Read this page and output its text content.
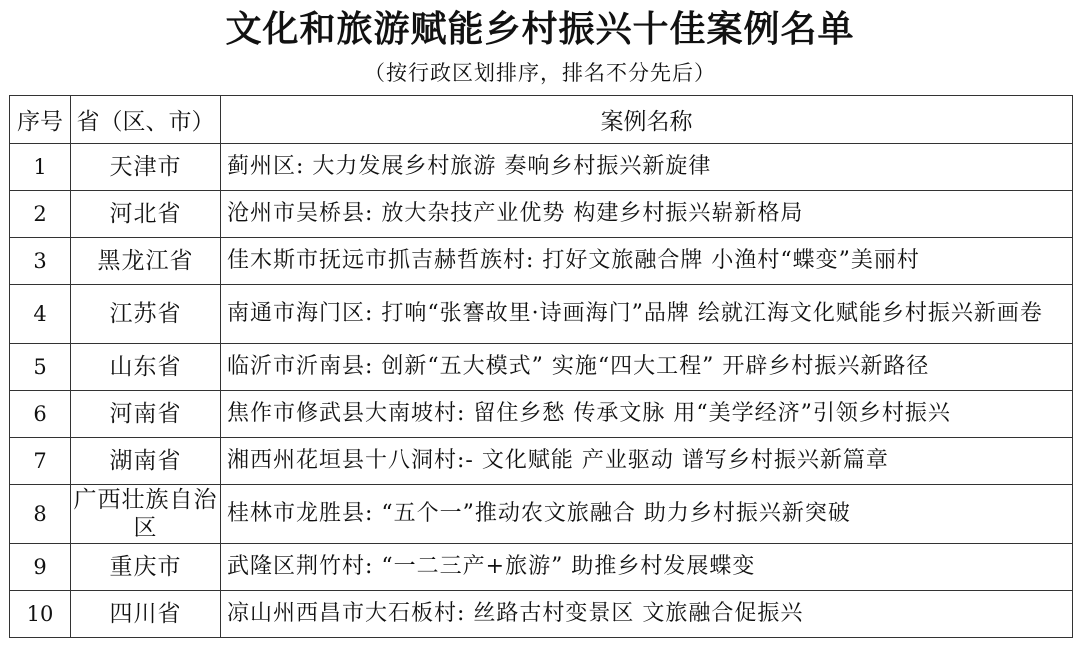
文化和旅游赋能乡村振兴十佳案例名单
（按行政区划排序，排名不分先后）
序号	省（区、市）	案例名称
1	天津市	蓟州区: 大力发展乡村旅游 奏响乡村振兴新旋律
2	河北省	沧州市吴桥县: 放大杂技产业优势 构建乡村振兴崭新格局
3	黑龙江省	佳木斯市抚远市抓吉赫哲族村: 打好文旅融合牌 小渔村“蝶变”美丽村
4	江苏省	南通市海门区: 打响“张謇故里·诗画海门”品牌 绘就江海文化赋能乡村振兴新画卷
5	山东省	临沂市沂南县: 创新“五大模式” 实施“四大工程” 开辟乡村振兴新路径
6	河南省	焦作市修武县大南坡村: 留住乡愁 传承文脉 用“美学经济”引领乡村振兴
7	湖南省	湘西州花垣县十八洞村:- 文化赋能 产业驱动 谱写乡村振兴新篇章
8	广西壮族自治区	桂林市龙胜县: “五个一”推动农文旅融合 助力乡村振兴新突破
9	重庆市	武隆区荆竹村: “一二三产+旅游” 助推乡村发展蝶变
10	四川省	凉山州西昌市大石板村: 丝路古村变景区 文旅融合促振兴
